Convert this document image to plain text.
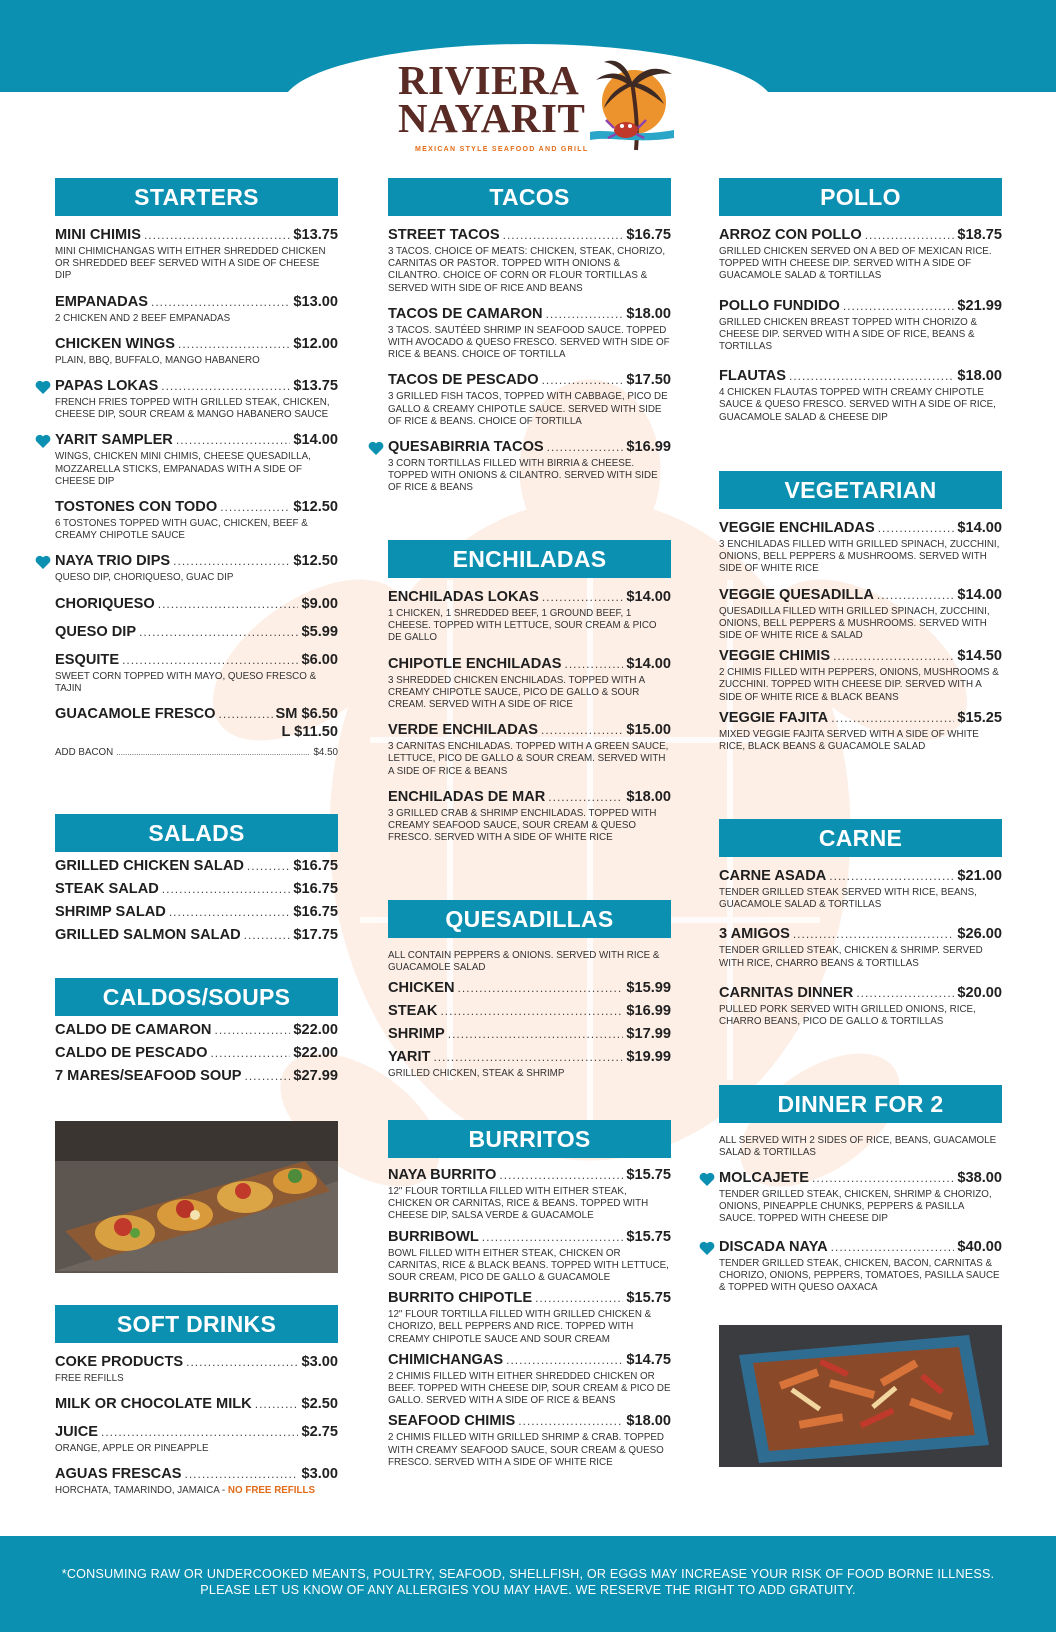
RIVIERA
NAYARIT
MEXICAN STYLE SEAFOOD AND GRILL
STARTERS
MINI CHIMIS .....	$13.75
MINI CHIMICHANGAS WITH EITHER SHREDDED CHICKEN OR SHREDDED BEEF SERVED WITH A SIDE OF CHEESE DIP
EMPANADAS .....	$13.00
2 CHICKEN AND 2 BEEF EMPANADAS
CHICKEN WINGS .....	$12.00
PLAIN, BBQ, BUFFALO, MANGO HABANERO
PAPAS LOKAS .....	$13.75
FRENCH FRIES TOPPED WITH GRILLED STEAK, CHICKEN, CHEESE DIP, SOUR CREAM & MANGO HABANERO SAUCE
YARIT SAMPLER .....	$14.00
WINGS, CHICKEN MINI CHIMIS, CHEESE QUESADILLA, MOZZARELLA STICKS, EMPANADAS WITH A SIDE OF CHEESE DIP
TOSTONES CON TODO .....	$12.50
6 TOSTONES TOPPED WITH GUAC, CHICKEN, BEEF & CREAMY CHIPOTLE SAUCE
NAYA TRIO DIPS .....	$12.50
QUESO DIP, CHORIQUESO, GUAC DIP
CHORIQUESO .....	$9.00
QUESO DIP .....	$5.99
ESQUITE .....	$6.00
SWEET CORN TOPPED WITH MAYO, QUESO FRESCO & TAJIN
GUACAMOLE FRESCO .....	SM $6.50
L $11.50
ADD BACON .....	$4.50
SALADS
GRILLED CHICKEN SALAD .....	$16.75
STEAK SALAD .....	$16.75
SHRIMP SALAD .....	$16.75
GRILLED SALMON SALAD .....	$17.75
CALDOS/SOUPS
CALDO DE CAMARON .....	$22.00
CALDO DE PESCADO .....	$22.00
7 MARES/SEAFOOD SOUP .....	$27.99
SOFT DRINKS
COKE PRODUCTS .....	$3.00
FREE REFILLS
MILK OR CHOCOLATE MILK .....	$2.50
JUICE .....	$2.75
ORANGE, APPLE OR PINEAPPLE
AGUAS FRESCAS .....	$3.00
HORCHATA, TAMARINDO, JAMAICA - NO FREE REFILLS
TACOS
STREET TACOS .....	$16.75
3 TACOS. CHOICE OF MEATS: CHICKEN, STEAK, CHORIZO, CARNITAS OR PASTOR. TOPPED WITH ONIONS & CILANTRO. CHOICE OF CORN OR FLOUR TORTILLAS & SERVED WITH SIDE OF RICE AND BEANS
TACOS DE CAMARON .....	$18.00
3 TACOS. SAUTÉED SHRIMP IN SEAFOOD SAUCE. TOPPED WITH AVOCADO & QUESO FRESCO. SERVED WITH SIDE OF RICE & BEANS. CHOICE OF TORTILLA
TACOS DE PESCADO .....	$17.50
3 GRILLED FISH TACOS, TOPPED WITH CABBAGE, PICO DE GALLO & CREAMY CHIPOTLE SAUCE. SERVED WITH SIDE OF RICE & BEANS. CHOICE OF TORTILLA
QUESABIRRIA TACOS .....	$16.99
3 CORN TORTILLAS FILLED WITH BIRRIA & CHEESE. TOPPED WITH ONIONS & CILANTRO. SERVED WITH SIDE OF RICE & BEANS
ENCHILADAS
ENCHILADAS LOKAS .....	$14.00
1 CHICKEN, 1 SHREDDED BEEF, 1 GROUND BEEF, 1 CHEESE. TOPPED WITH LETTUCE, SOUR CREAM & PICO DE GALLO
CHIPOTLE ENCHILADAS .....	$14.00
3 SHREDDED CHICKEN ENCHILADAS. TOPPED WITH A CREAMY CHIPOTLE SAUCE, PICO DE GALLO & SOUR CREAM. SERVED WITH A SIDE OF RICE
VERDE ENCHILADAS .....	$15.00
3 CARNITAS ENCHILADAS. TOPPED WITH A GREEN SAUCE, LETTUCE, PICO DE GALLO & SOUR CREAM. SERVED WITH A SIDE OF RICE & BEANS
ENCHILADAS DE MAR .....	$18.00
3 GRILLED CRAB & SHRIMP ENCHILADAS. TOPPED WITH CREAMY SEAFOOD SAUCE, SOUR CREAM & QUESO FRESCO. SERVED WITH A SIDE OF WHITE RICE
QUESADILLAS
ALL CONTAIN PEPPERS & ONIONS. SERVED WITH RICE & GUACAMOLE SALAD
CHICKEN .....	$15.99
STEAK .....	$16.99
SHRIMP .....	$17.99
YARIT .....	$19.99
GRILLED CHICKEN, STEAK & SHRIMP
BURRITOS
NAYA BURRITO .....	$15.75
12" FLOUR TORTILLA FILLED WITH EITHER STEAK, CHICKEN OR CARNITAS, RICE & BEANS. TOPPED WITH CHEESE DIP, SALSA VERDE & GUACAMOLE
BURRIBOWL .....	$15.75
BOWL FILLED WITH EITHER STEAK, CHICKEN OR CARNITAS, RICE & BLACK BEANS. TOPPED WITH LETTUCE, SOUR CREAM, PICO DE GALLO & GUACAMOLE
BURRITO CHIPOTLE .....	$15.75
12" FLOUR TORTILLA FILLED WITH GRILLED CHICKEN & CHORIZO, BELL PEPPERS AND RICE. TOPPED WITH CREAMY CHIPOTLE SAUCE AND SOUR CREAM
CHIMICHANGAS .....	$14.75
2 CHIMIS FILLED WITH EITHER SHREDDED CHICKEN OR BEEF. TOPPED WITH CHEESE DIP, SOUR CREAM & PICO DE GALLO. SERVED WITH A SIDE OF RICE & BEANS
SEAFOOD CHIMIS .....	$18.00
2 CHIMIS FILLED WITH GRILLED SHRIMP & CRAB. TOPPED WITH CREAMY SEAFOOD SAUCE, SOUR CREAM & QUESO FRESCO. SERVED WITH A SIDE OF WHITE RICE
POLLO
ARROZ CON POLLO .....	$18.75
GRILLED CHICKEN SERVED ON A BED OF MEXICAN RICE. TOPPED WITH CHEESE DIP. SERVED WITH A SIDE OF GUACAMOLE SALAD & TORTILLAS
POLLO FUNDIDO .....	$21.99
GRILLED CHICKEN BREAST TOPPED WITH CHORIZO & CHEESE DIP. SERVED WITH A SIDE OF RICE, BEANS & TORTILLAS
FLAUTAS .....	$18.00
4 CHICKEN FLAUTAS TOPPED WITH CREAMY CHIPOTLE SAUCE & QUESO FRESCO. SERVED WITH A SIDE OF RICE, GUACAMOLE SALAD & CHEESE DIP
VEGETARIAN
VEGGIE ENCHILADAS .....	$14.00
3 ENCHILADAS FILLED WITH GRILLED SPINACH, ZUCCHINI, ONIONS, BELL PEPPERS & MUSHROOMS. SERVED WITH SIDE OF WHITE RICE
VEGGIE QUESADILLA .....	$14.00
QUESADILLA FILLED WITH GRILLED SPINACH, ZUCCHINI, ONIONS, BELL PEPPERS & MUSHROOMS. SERVED WITH SIDE OF WHITE RICE & SALAD
VEGGIE CHIMIS .....	$14.50
2 CHIMIS FILLED WITH PEPPERS, ONIONS, MUSHROOMS & ZUCCHINI. TOPPED WITH CHEESE DIP. SERVED WITH A SIDE OF WHITE RICE & BLACK BEANS
VEGGIE FAJITA .....	$15.25
MIXED VEGGIE FAJITA SERVED WITH A SIDE OF WHITE RICE, BLACK BEANS & GUACAMOLE SALAD
CARNE
CARNE ASADA .....	$21.00
TENDER GRILLED STEAK SERVED WITH RICE, BEANS, GUACAMOLE SALAD & TORTILLAS
3 AMIGOS .....	$26.00
TENDER GRILLED STEAK, CHICKEN & SHRIMP. SERVED WITH RICE, CHARRO BEANS & TORTILLAS
CARNITAS DINNER .....	$20.00
PULLED PORK SERVED WITH GRILLED ONIONS, RICE, CHARRO BEANS, PICO DE GALLO & TORTILLAS
DINNER FOR 2
ALL SERVED WITH 2 SIDES OF RICE, BEANS, GUACAMOLE SALAD & TORTILLAS
MOLCAJETE .....	$38.00
TENDER GRILLED STEAK, CHICKEN, SHRIMP & CHORIZO, ONIONS, PINEAPPLE CHUNKS, PEPPERS & PASILLA SAUCE. TOPPED WITH CHEESE DIP
DISCADA NAYA .....	$40.00
TENDER GRILLED STEAK, CHICKEN, BACON, CARNITAS & CHORIZO, ONIONS, PEPPERS, TOMATOES, PASILLA SAUCE & TOPPED WITH QUESO OAXACA
*CONSUMING RAW OR UNDERCOOKED MEANTS, POULTRY, SEAFOOD, SHELLFISH, OR EGGS MAY INCREASE YOUR RISK OF FOOD BORNE ILLNESS.
PLEASE LET US KNOW OF ANY ALLERGIES YOU MAY HAVE. WE RESERVE THE RIGHT TO ADD GRATUITY.
